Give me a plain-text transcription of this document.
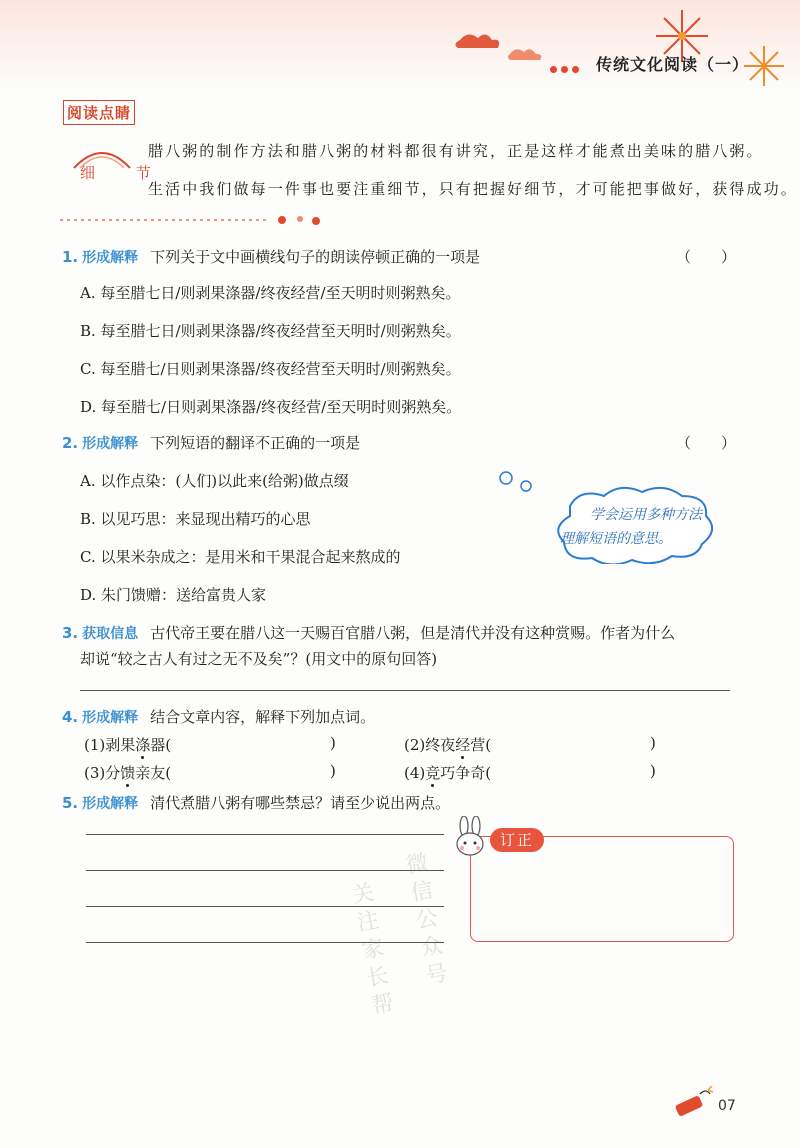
传统文化阅读（一）
阅读点睛
细 节
腊八粥的制作方法和腊八粥的材料都很有讲究，正是这样才能煮出美味的腊八粥。
生活中我们做每一件事也要注重细节，只有把握好细节，才可能把事做好，获得成功。
1. 形成解释 下列关于文中画横线句子的朗读停顿正确的一项是	（　　）
A. 每至腊七日/则剥果涤器/终夜经营/至天明时则粥熟矣。
B. 每至腊七日/则剥果涤器/终夜经营至天明时/则粥熟矣。
C. 每至腊七/日则剥果涤器/终夜经营至天明时/则粥熟矣。
D. 每至腊七/日则剥果涤器/终夜经营/至天明时则粥熟矣。
2. 形成解释 下列短语的翻译不正确的一项是	（　　）
A. 以作点染：(人们)以此来(给粥)做点缀
B. 以见巧思：来显现出精巧的心思
C. 以果米杂成之：是用米和干果混合起来熬成的
D. 朱门馈赠：送给富贵人家
学会运用多种方法
理解短语的意思。
3. 获取信息 古代帝王要在腊八这一天赐百官腊八粥，但是清代并没有这种赏赐。作者为什么
却说“较之古人有过之无不及矣”？(用文中的原句回答)
4. 形成解释 结合文章内容，解释下列加点词。
(1)剥果涤器(	)	(2)终夜经营(	)
(3)分馈亲友(	)	(4)竞巧争奇(	)
5. 形成解释 清代煮腊八粥有哪些禁忌？请至少说出两点。
订正
微信公众号
关注家长帮
07
